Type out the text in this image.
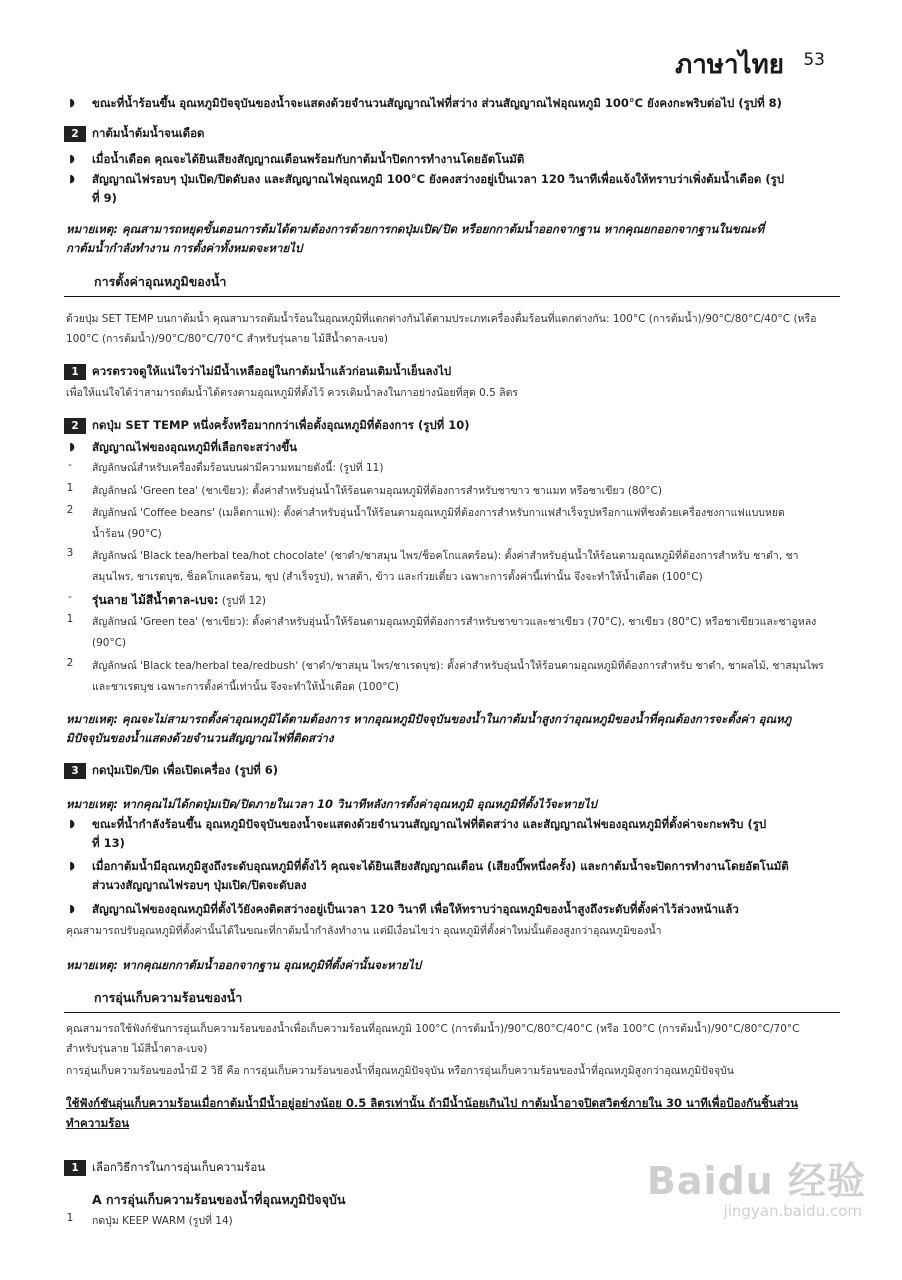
ภาษาไทย 53
◗	ขณะที่น้ำร้อนขึ้น อุณหภูมิปัจจุบันของน้ำจะแสดงด้วยจำนวนสัญญาณไฟที่สว่าง ส่วนสัญญาณไฟอุณหภูมิ 100°C ยังคงกะพริบต่อไป (รูปที่ 8)
2	กาต้มน้ำต้มน้ำจนเดือด
◗	เมื่อน้ำเดือด คุณจะได้ยินเสียงสัญญาณเตือนพร้อมกับกาต้มน้ำปิดการทำงานโดยอัตโนมัติ
◗	สัญญาณไฟรอบๆ ปุ่มเปิด/ปิดดับลง และสัญญาณไฟอุณหภูมิ 100°C ยังคงสว่างอยู่เป็นเวลา 120 วินาทีเพื่อแจ้งให้ทราบว่าเพิ่งต้มน้ำเดือด (รูป
ที่ 9)
หมายเหตุ: คุณสามารถหยุดขั้นตอนการต้มได้ตามต้องการด้วยการกดปุ่มเปิด/ปิด หรือยกกาต้มน้ำออกจากฐาน หากคุณยกออกจากฐานในขณะที่
กาต้มน้ำกำลังทำงาน การตั้งค่าทั้งหมดจะหายไป
การตั้งค่าอุณหภูมิของน้ำ
ด้วยปุ่ม SET TEMP บนกาต้มน้ำ คุณสามารถต้มน้ำร้อนในอุณหภูมิที่แตกต่างกันได้ตามประเภทเครื่องดื่มร้อนที่แตกต่างกัน: 100°C (การต้มน้ำ)/90°C/80°C/40°C (หรือ
100°C (การต้มน้ำ)/90°C/80°C/70°C สำหรับรุ่นลาย ไม้สีน้ำตาล-เบจ)
1	ควรตรวจดูให้แน่ใจว่าไม่มีน้ำเหลืออยู่ในกาต้มน้ำแล้วก่อนเติมน้ำเย็นลงไป
เพื่อให้แน่ใจได้ว่าสามารถต้มน้ำได้ตรงตามอุณหภูมิที่ตั้งไว้ ควรเติมน้ำลงในกาอย่างน้อยที่สุด 0.5 ลิตร
2	กดปุ่ม SET TEMP หนึ่งครั้งหรือมากกว่าเพื่อตั้งอุณหภูมิที่ต้องการ (รูปที่ 10)
◗	สัญญาณไฟของอุณหภูมิที่เลือกจะสว่างขึ้น
-	สัญลักษณ์สำหรับเครื่องดื่มร้อนบนฝามีความหมายดังนี้: (รูปที่ 11)
1	สัญลักษณ์ 'Green tea' (ชาเขียว): ตั้งค่าสำหรับอุ่นน้ำให้ร้อนตามอุณหภูมิที่ต้องการสำหรับชาขาว ชาแมท หรือชาเขียว (80°C)
2	สัญลักษณ์ 'Coffee beans' (เมล็ดกาแฟ): ตั้งค่าสำหรับอุ่นน้ำให้ร้อนตามอุณหภูมิที่ต้องการสำหรับกาแฟสำเร็จรูปหรือกาแฟที่ชงด้วยเครื่องชงกาแฟแบบหยด
น้ำร้อน (90°C)
3	สัญลักษณ์ 'Black tea/herbal tea/hot chocolate' (ชาดำ/ชาสมุน ไพร/ช็อคโกแลตร้อน): ตั้งค่าสำหรับอุ่นน้ำให้ร้อนตามอุณหภูมิที่ต้องการสำหรับ ชาดำ, ชา
สมุนไพร, ชาเรดบุช, ช็อคโกแลตร้อน, ซุป (สำเร็จรูป), พาสต้า, ข้าว และก๋วยเตี๋ยว เฉพาะการตั้งค่านี้เท่านั้น จึงจะทำให้น้ำเดือด (100°C)
-	รุ่นลาย ไม้สีน้ำตาล-เบจ: (รูปที่ 12)
1	สัญลักษณ์ 'Green tea' (ชาเขียว): ตั้งค่าสำหรับอุ่นน้ำให้ร้อนตามอุณหภูมิที่ต้องการสำหรับชาขาวและชาเขียว (70°C), ชาเขียว (80°C) หรือชาเขียวและชาอูหลง
(90°C)
2	สัญลักษณ์ 'Black tea/herbal tea/redbush' (ชาดำ/ชาสมุน ไพร/ชาเรดบุช): ตั้งค่าสำหรับอุ่นน้ำให้ร้อนตามอุณหภูมิที่ต้องการสำหรับ ชาดำ, ชาผลไม้, ชาสมุนไพร
และชาเรดบุช เฉพาะการตั้งค่านี้เท่านั้น จึงจะทำให้น้ำเดือด (100°C)
หมายเหตุ: คุณจะไม่สามารถตั้งค่าอุณหภูมิได้ตามต้องการ หากอุณหภูมิปัจจุบันของน้ำในกาต้มน้ำสูงกว่าอุณหภูมิของน้ำที่คุณต้องการจะตั้งค่า อุณหภู
มิปัจจุบันของน้ำแสดงด้วยจำนวนสัญญาณไฟที่ติดสว่าง
3	กดปุ่มเปิด/ปิด เพื่อเปิดเครื่อง (รูปที่ 6)
หมายเหตุ: หากคุณไม่ได้กดปุ่มเปิด/ปิดภายในเวลา 10 วินาทีหลังการตั้งค่าอุณหภูมิ อุณหภูมิที่ตั้งไว้จะหายไป
◗	ขณะที่น้ำกำลังร้อนขึ้น อุณหภูมิปัจจุบันของน้ำจะแสดงด้วยจำนวนสัญญาณไฟที่ติดสว่าง และสัญญาณไฟของอุณหภูมิที่ตั้งค่าจะกะพริบ (รูป
ที่ 13)
◗	เมื่อกาต้มน้ำมีอุณหภูมิสูงถึงระดับอุณหภูมิที่ตั้งไว้ คุณจะได้ยินเสียงสัญญาณเตือน (เสียงบี๊พหนึ่งครั้ง) และกาต้มน้ำจะปิดการทำงานโดยอัตโนมัติ
ส่วนวงสัญญาณไฟรอบๆ ปุ่มเปิด/ปิดจะดับลง
◗	สัญญาณไฟของอุณหภูมิที่ตั้งไว้ยังคงติดสว่างอยู่เป็นเวลา 120 วินาที เพื่อให้ทราบว่าอุณหภูมิของน้ำสูงถึงระดับที่ตั้งค่าไว้ล่วงหน้าแล้ว
คุณสามารถปรับอุณหภูมิที่ตั้งค่านั้นได้ในขณะที่กาต้มน้ำกำลังทำงาน แต่มีเงื่อนไขว่า อุณหภูมิที่ตั้งค่าใหม่นั้นต้องสูงกว่าอุณหภูมิของน้ำ
หมายเหตุ: หากคุณยกกาต้มน้ำออกจากฐาน อุณหภูมิที่ตั้งค่านั้นจะหายไป
การอุ่นเก็บความร้อนของน้ำ
คุณสามารถใช้ฟังก์ชันการอุ่นเก็บความร้อนของน้ำเพื่อเก็บความร้อนที่อุณหภูมิ 100°C (การต้มน้ำ)/90°C/80°C/40°C (หรือ 100°C (การต้มน้ำ)/90°C/80°C/70°C
สำหรับรุ่นลาย ไม้สีน้ำตาล-เบจ)
การอุ่นเก็บความร้อนของน้ำมี 2 วิธี คือ การอุ่นเก็บความร้อนของน้ำที่อุณหภูมิปัจจุบัน หรือการอุ่นเก็บความร้อนของน้ำที่อุณหภูมิสูงกว่าอุณหภูมิปัจจุบัน
ใช้ฟังก์ชันอุ่นเก็บความร้อนเมื่อกาต้มน้ำมีน้ำอยู่อย่างน้อย 0.5 ลิตรเท่านั้น ถ้ามีน้ำน้อยเกินไป กาต้มน้ำอาจปิดสวิตช์ภายใน 30 นาทีเพื่อป้องกันชิ้นส่วน
ทำความร้อน
1	เลือกวิธีการในการอุ่นเก็บความร้อน
A การอุ่นเก็บความร้อนของน้ำที่อุณหภูมิปัจจุบัน
1	กดปุ่ม KEEP WARM (รูปที่ 14)
Baidu 经验
jingyan.baidu.com
